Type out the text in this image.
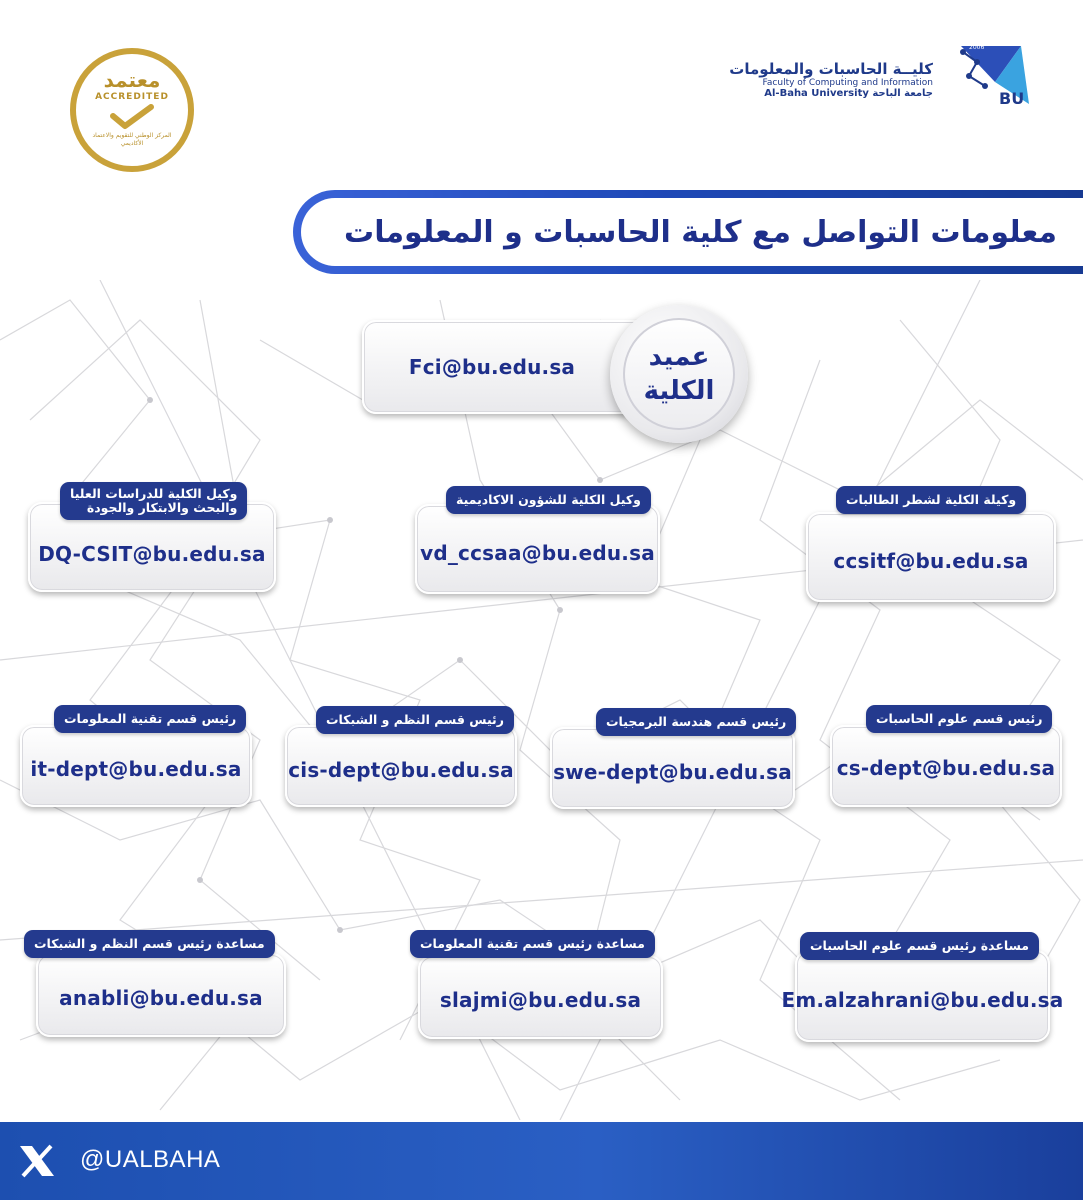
معتمد
ACCREDITED
المركز الوطني للتقويم والاعتماد الأكاديمي
كليــة الحاسبات والمعلومات
Faculty of Computing and Information
Al-Baha University جامعة الباحة	BU
2006
معلومات التواصل مع كلية الحاسبات و المعلومات
Fci@bu.edu.sa	عميد
الكلية
ccsitf@bu.edu.sa
وكيلة الكلية لشطر الطالبات
vd_ccsaa@bu.edu.sa
وكيل الكلية للشؤون الاكاديمية
DQ-CSIT@bu.edu.sa
وكيل الكلية للدراسات العليا
والبحث والابتكار والجودة
cs-dept@bu.edu.sa
رئيس قسم علوم الحاسبات
swe-dept@bu.edu.sa
رئيس قسم هندسة البرمجيات
cis-dept@bu.edu.sa
رئيس قسم النظم و الشبكات
it-dept@bu.edu.sa
رئيس قسم تقنية المعلومات
Em.alzahrani@bu.edu.sa
مساعدة رئيس قسم علوم الحاسبات
slajmi@bu.edu.sa
مساعدة رئيس قسم تقنية المعلومات
anabli@bu.edu.sa
مساعدة رئيس قسم النظم و الشبكات
@UALBAHA
